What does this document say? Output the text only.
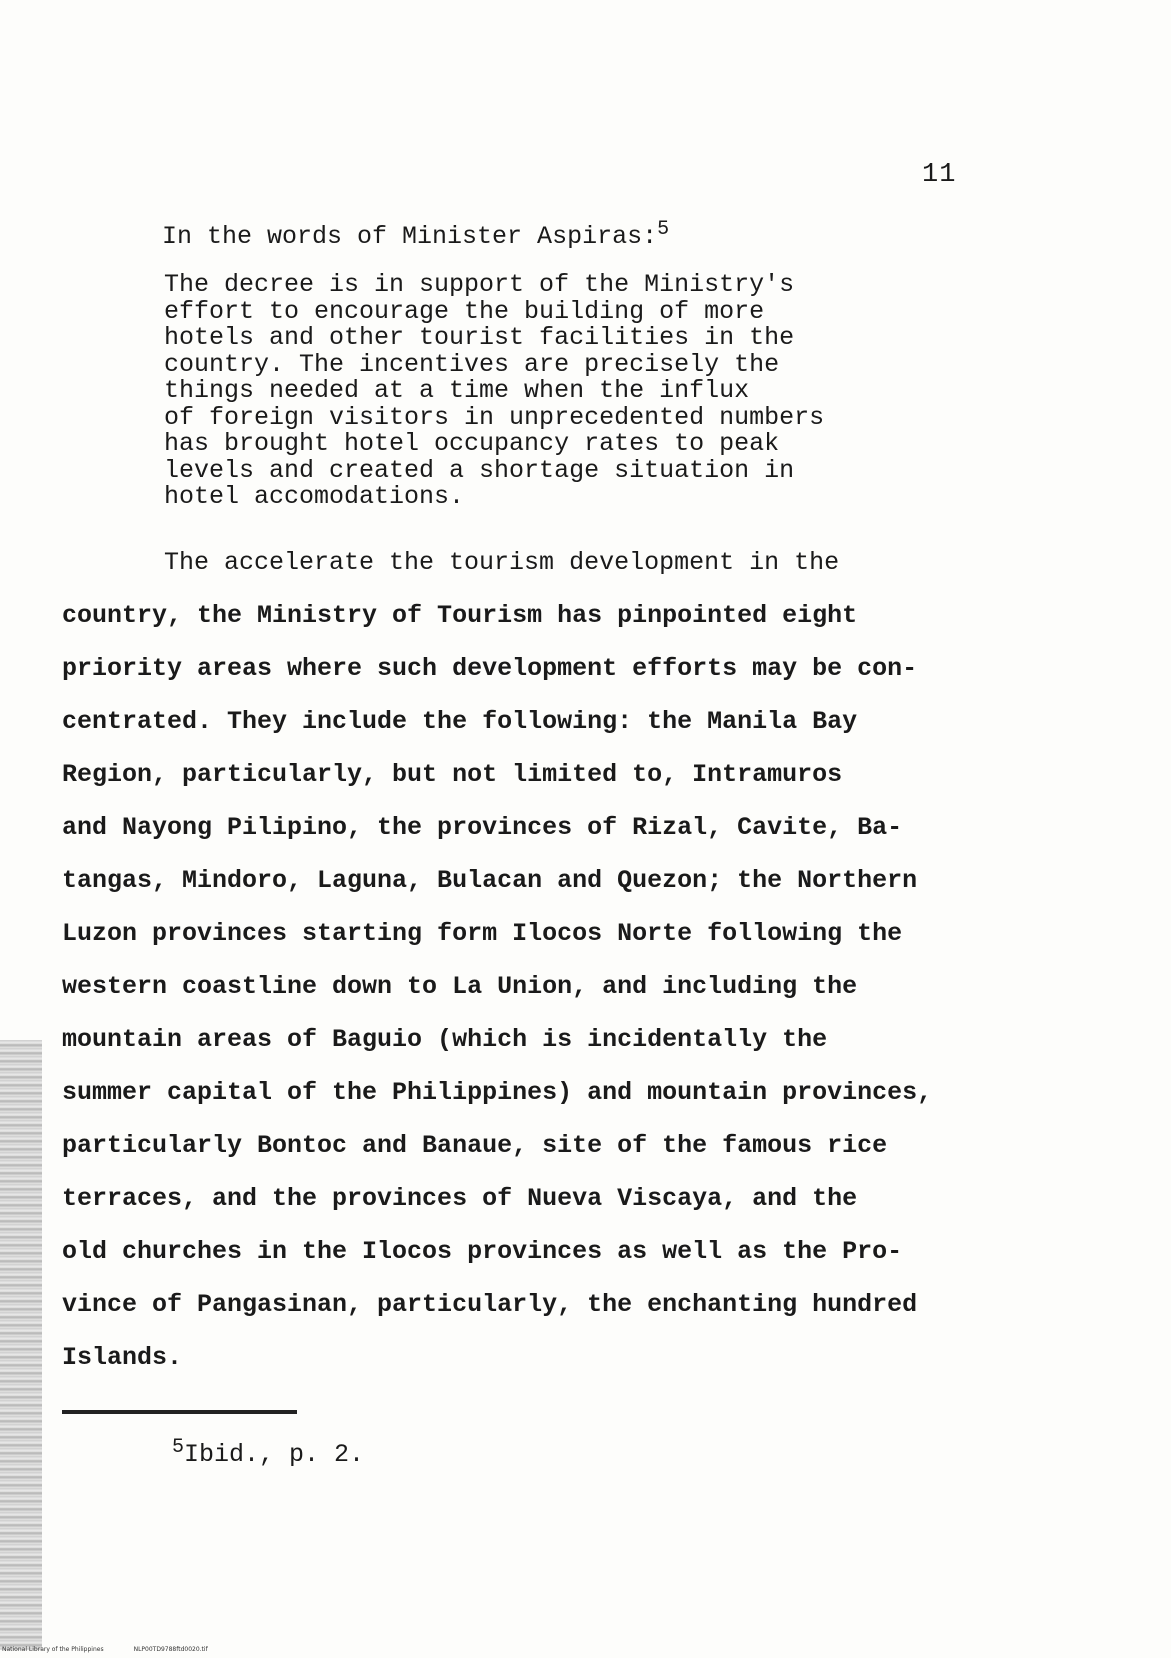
11
In the words of Minister Aspiras:$^5$
The decree is in support of the Ministry's
effort to encourage the building of more
hotels and other tourist facilities in the
country. The incentives are precisely the
things needed at a time when the influx
of foreign visitors in unprecedented numbers
has brought hotel occupancy rates to peak
levels and created a shortage situation in
hotel accomodations.
The accelerate the tourism development in the
country, the Ministry of Tourism has pinpointed eight
priority areas where such development efforts may be con-
centrated. They include the following: the Manila Bay
Region, particularly, but not limited to, Intramuros
and Nayong Pilipino, the provinces of Rizal, Cavite, Ba-
tangas, Mindoro, Laguna, Bulacan and Quezon; the Northern
Luzon provinces starting form Ilocos Norte following the
western coastline down to La Union, and including the
mountain areas of Baguio (which is incidentally the
summer capital of the Philippines) and mountain provinces,
particularly Bontoc and Banaue, site of the famous rice
terraces, and the provinces of Nueva Viscaya, and the
old churches in the Ilocos provinces as well as the Pro-
vince of Pangasinan, particularly, the enchanting hundred
Islands.
$^5$Ibid., p. 2.
National Library of the Philippines	NLP00TD9788ftd0020.tif
